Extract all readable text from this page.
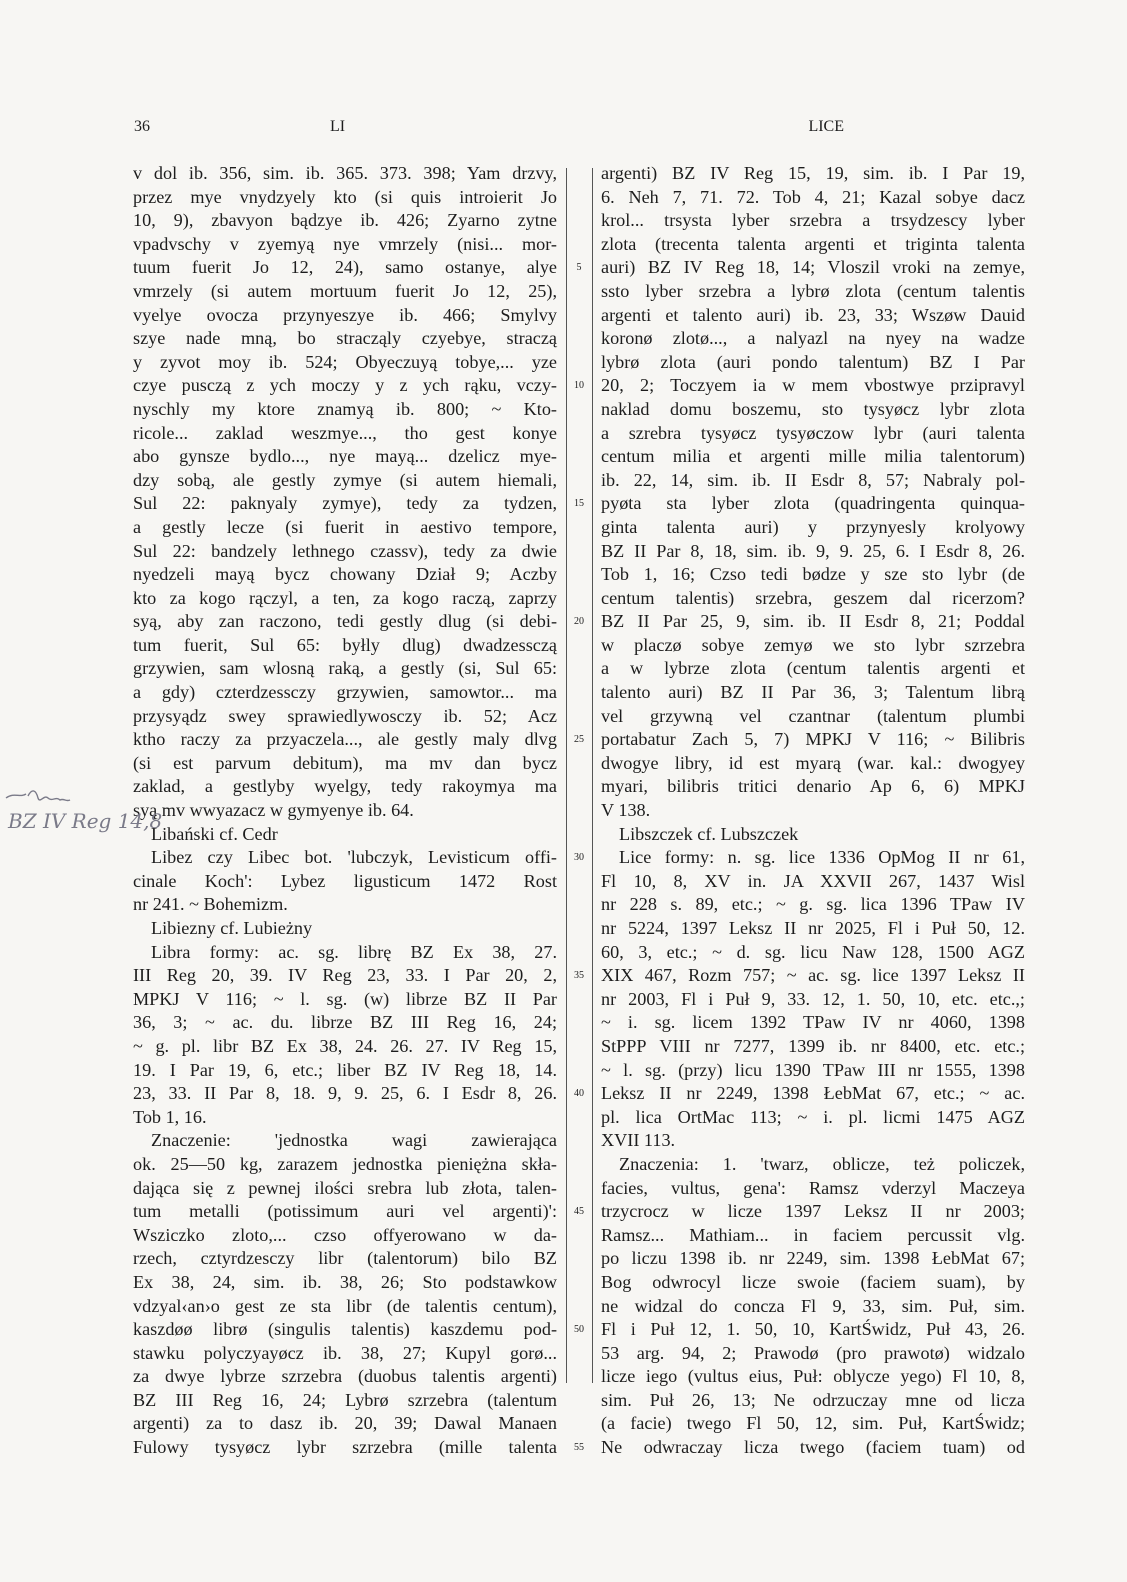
36	LI	LICE
5
10
15
20
25
30
35
40
45
50
55
v dol ib. 356, sim. ib. 365. 373. 398; Yam drzvy,
przez mye vnydzyely kto (si quis introierit Jo
10, 9), zbavyon bądzye ib. 426; Zyarno zytne
vpadvschy v zyemyą nye vmrzely (nisi... mor-
tuum fuerit Jo 12, 24), samo ostanye, alye
vmrzely (si autem mortuum fuerit Jo 12, 25),
vyelye ovocza przynyeszye ib. 466; Smylvy
szye nade mną, bo stracząly czyebye, straczą
y zyvot moy ib. 524; Obyeczuyą tobye,... yze
czye pusczą z ych moczy y z ych rąku, vczy-
nyschly my ktore znamyą ib. 800; ~ Kto-
ricole... zaklad weszmye..., tho gest konye
abo gynsze bydlo..., nye mayą... dzelicz mye-
dzy sobą, ale gestly zymye (si autem hiemali,
Sul 22: paknyaly zymye), tedy za tydzen,
a gestly lecze (si fuerit in aestivo tempore,
Sul 22: bandzely lethnego czassv), tedy za dwie
nyedzeli mayą bycz chowany Dział 9; Aczby
kto za kogo rączyl, a ten, za kogo raczą, zaprzy
syą, aby zan raczono, tedi gestly dlug (si debi-
tum fuerit, Sul 65: byłly dlug) dwadzessczą
grzywien, sam wlosną raką, a gestly (si, Sul 65:
a gdy) czterdzessczy grzywien, samowtor... ma
przysyądz swey sprawiedlywosczy ib. 52; Acz
ktho raczy za przyaczela..., ale gestly maly dlvg
(si est parvum debitum), ma mv dan bycz
zaklad, a gestlyby wyelgy, tedy rakoymya ma
syą mv wwyazacz w gymyenye ib. 64.
Libański cf. Cedr
Libez czy Libec bot. 'lubczyk, Levisticum offi-
cinale Koch': Lybez ligusticum 1472 Rost
nr 241. ~ Bohemizm.
Libiezny cf. Lubieżny
Libra formy: ac. sg. librę BZ Ex 38, 27.
III Reg 20, 39. IV Reg 23, 33. I Par 20, 2,
MPKJ V 116; ~ l. sg. (w) librze BZ II Par
36, 3; ~ ac. du. librze BZ III Reg 16, 24;
~ g. pl. libr BZ Ex 38, 24. 26. 27. IV Reg 15,
19. I Par 19, 6, etc.; liber BZ IV Reg 18, 14.
23, 33. II Par 8, 18. 9, 9. 25, 6. I Esdr 8, 26.
Tob 1, 16.
Znaczenie: 'jednostka wagi zawierająca
ok. 25—50 kg, zarazem jednostka pieniężna skła-
dająca się z pewnej ilości srebra lub złota, talen-
tum metalli (potissimum auri vel argenti)':
Wsziczko zloto,... czso offyerowano w da-
rzech, cztyrdzesczy libr (talentorum) bilo BZ
Ex 38, 24, sim. ib. 38, 26; Sto podstawkow
vdzyal‹an›o gest ze sta libr (de talentis centum),
kaszdøø librø (singulis talentis) kaszdemu pod-
stawku polyczyayøcz ib. 38, 27; Kupyl gorø...
za dwye lybrze szrzebra (duobus talentis argenti)
BZ III Reg 16, 24; Lybrø szrzebra (talentum
argenti) za to dasz ib. 20, 39; Dawal Manaen
Fulowy tysyøcz lybr szrzebra (mille talenta
argenti) BZ IV Reg 15, 19, sim. ib. I Par 19,
6. Neh 7, 71. 72. Tob 4, 21; Kazal sobye dacz
krol... trsysta lyber srzebra a trsydzescy lyber
zlota (trecenta talenta argenti et triginta talenta
auri) BZ IV Reg 18, 14; Vloszil vroki na zemye,
ssto lyber srzebra a lybrø zlota (centum talentis
argenti et talento auri) ib. 23, 33; Wszøw Dauid
koronø zlotø..., a nalyazl na nyey na wadze
lybrø zlota (auri pondo talentum) BZ I Par
20, 2; Toczyem ia w mem vbostwye przipravyl
naklad domu boszemu, sto tysyøcz lybr zlota
a szrebra tysyøcz tysyøczow lybr (auri talenta
centum milia et argenti mille milia talentorum)
ib. 22, 14, sim. ib. II Esdr 8, 57; Nabraly pol-
pyøta sta lyber zlota (quadringenta quinqua-
ginta talenta auri) y przynyesly krolyowy
BZ II Par 8, 18, sim. ib. 9, 9. 25, 6. I Esdr 8, 26.
Tob 1, 16; Czso tedi bødze y sze sto lybr (de
centum talentis) srzebra, geszem dal ricerzom?
BZ II Par 25, 9, sim. ib. II Esdr 8, 21; Poddal
w placzø sobye zemyø we sto lybr szrzebra
a w lybrze zlota (centum talentis argenti et
talento auri) BZ II Par 36, 3; Talentum librą
vel grzywną vel czantnar (talentum plumbi
portabatur Zach 5, 7) MPKJ V 116; ~ Bilibris
dwogye libry, id est myarą (war. kal.: dwogyey
myari, bilibris tritici denario Ap 6, 6) MPKJ
V 138.
Libszczek cf. Lubszczek
Lice formy: n. sg. lice 1336 OpMog II nr 61,
Fl 10, 8, XV in. JA XXVII 267, 1437 Wisl
nr 228 s. 89, etc.; ~ g. sg. lica 1396 TPaw IV
nr 5224, 1397 Leksz II nr 2025, Fl i Puł 50, 12.
60, 3, etc.; ~ d. sg. licu Naw 128, 1500 AGZ
XIX 467, Rozm 757; ~ ac. sg. lice 1397 Leksz II
nr 2003, Fl i Puł 9, 33. 12, 1. 50, 10, etc. etc.,;
~ i. sg. licem 1392 TPaw IV nr 4060, 1398
StPPP VIII nr 7277, 1399 ib. nr 8400, etc. etc.;
~ l. sg. (przy) licu 1390 TPaw III nr 1555, 1398
Leksz II nr 2249, 1398 ŁebMat 67, etc.; ~ ac.
pl. lica OrtMac 113; ~ i. pl. licmi 1475 AGZ
XVII 113.
Znaczenia: 1. 'twarz, oblicze, też policzek,
facies, vultus, gena': Ramsz vderzyl Maczeya
trzycrocz w licze 1397 Leksz II nr 2003;
Ramsz... Mathiam... in faciem percussit vlg.
po liczu 1398 ib. nr 2249, sim. 1398 ŁebMat 67;
Bog odwrocyl licze swoie (faciem suam), by
ne widzal do concza Fl 9, 33, sim. Puł, sim.
Fl i Puł 12, 1. 50, 10, KartŚwidz, Puł 43, 26.
53 arg. 94, 2; Prawodø (pro prawotø) widzalo
licze iego (vultus eius, Puł: oblycze yego) Fl 10, 8,
sim. Puł 26, 13; Ne odrzuczay mne od licza
(a facie) twego Fl 50, 12, sim. Puł, KartŚwidz;
Ne odwraczay licza twego (faciem tuam) od
BZ IV Reg 14,8
